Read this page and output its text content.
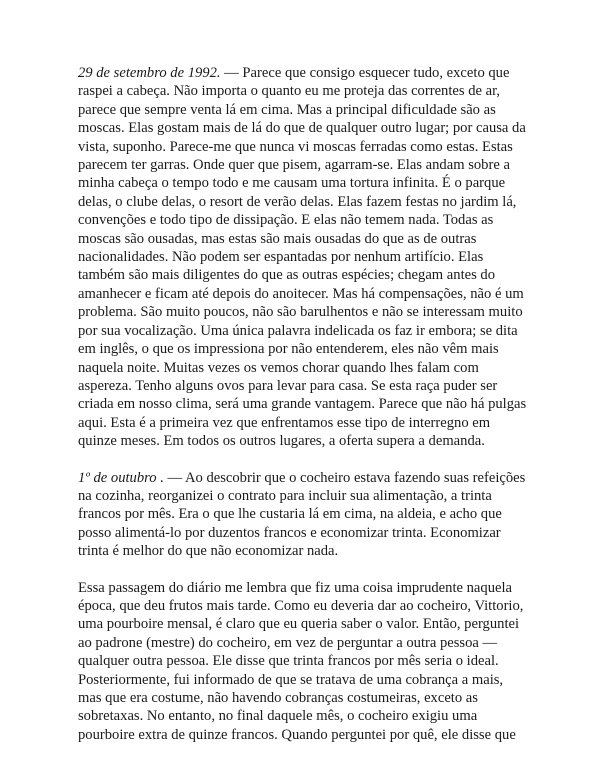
29 de setembro de 1992. — Parece que consigo esquecer tudo, exceto que raspei a cabeça. Não importa o quanto eu me proteja das correntes de ar, parece que sempre venta lá em cima. Mas a principal dificuldade são as moscas. Elas gostam mais de lá do que de qualquer outro lugar; por causa da vista, suponho. Parece-me que nunca vi moscas ferradas como estas. Estas parecem ter garras. Onde quer que pisem, agarram-se. Elas andam sobre a minha cabeça o tempo todo e me causam uma tortura infinita. É o parque delas, o clube delas, o resort de verão delas. Elas fazem festas no jardim lá, convenções e todo tipo de dissipação. E elas não temem nada. Todas as moscas são ousadas, mas estas são mais ousadas do que as de outras nacionalidades. Não podem ser espantadas por nenhum artifício. Elas também são mais diligentes do que as outras espécies; chegam antes do amanhecer e ficam até depois do anoitecer. Mas há compensações, não é um problema. São muito poucos, não são barulhentos e não se interessam muito por sua vocalização. Uma única palavra indelicada os faz ir embora; se dita em inglês, o que os impressiona por não entenderem, eles não vêm mais naquela noite. Muitas vezes os vemos chorar quando lhes falam com aspereza. Tenho alguns ovos para levar para casa. Se esta raça puder ser criada em nosso clima, será uma grande vantagem. Parece que não há pulgas aqui. Esta é a primeira vez que enfrentamos esse tipo de interregno em quinze meses. Em todos os outros lugares, a oferta supera a demanda.

1º de outubro . — Ao descobrir que o cocheiro estava fazendo suas refeições na cozinha, reorganizei o contrato para incluir sua alimentação, a trinta francos por mês. Era o que lhe custaria lá em cima, na aldeia, e acho que posso alimentá-lo por duzentos francos e economizar trinta. Economizar trinta é melhor do que não economizar nada.

Essa passagem do diário me lembra que fiz uma coisa imprudente naquela época, que deu frutos mais tarde. Como eu deveria dar ao cocheiro, Vittorio, uma pourboire mensal, é claro que eu queria saber o valor. Então, perguntei ao padrone (mestre) do cocheiro, em vez de perguntar a outra pessoa — qualquer outra pessoa. Ele disse que trinta francos por mês seria o ideal. Posteriormente, fui informado de que se tratava de uma cobrança a mais, mas que era costume, não havendo cobranças costumeiras, exceto as sobretaxas. No entanto, no final daquele mês, o cocheiro exigiu uma pourboire extra de quinze francos. Quando perguntei por quê, ele disse que
